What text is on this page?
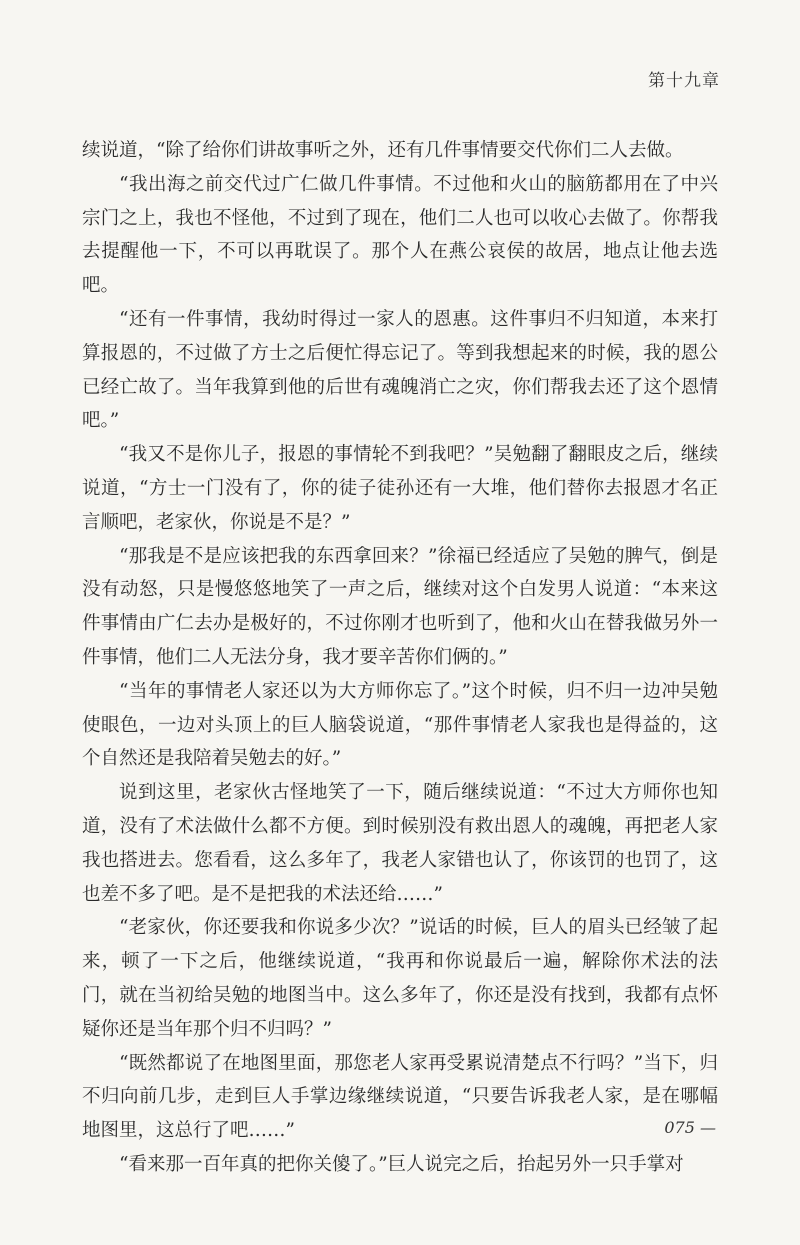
第十九章

续说道，“除了给你们讲故事听之外，还有几件事情要交代你们二人去做。

“我出海之前交代过广仁做几件事情。不过他和火山的脑筋都用在了中兴宗门之上，我也不怪他，不过到了现在，他们二人也可以收心去做了。你帮我去提醒他一下，不可以再耽误了。那个人在燕公哀侯的故居，地点让他去选吧。

“还有一件事情，我幼时得过一家人的恩惠。这件事归不归知道，本来打算报恩的，不过做了方士之后便忙得忘记了。等到我想起来的时候，我的恩公已经亡故了。当年我算到他的后世有魂魄消亡之灾，你们帮我去还了这个恩情吧。”

“我又不是你儿子，报恩的事情轮不到我吧？”吴勉翻了翻眼皮之后，继续说道，“方士一门没有了，你的徒子徒孙还有一大堆，他们替你去报恩才名正言顺吧，老家伙，你说是不是？”

“那我是不是应该把我的东西拿回来？”徐福已经适应了吴勉的脾气，倒是没有动怒，只是慢悠悠地笑了一声之后，继续对这个白发男人说道：“本来这件事情由广仁去办是极好的，不过你刚才也听到了，他和火山在替我做另外一件事情，他们二人无法分身，我才要辛苦你们俩的。”

“当年的事情老人家还以为大方师你忘了。”这个时候，归不归一边冲吴勉使眼色，一边对头顶上的巨人脑袋说道，“那件事情老人家我也是得益的，这个自然还是我陪着吴勉去的好。”

说到这里，老家伙古怪地笑了一下，随后继续说道：“不过大方师你也知道，没有了术法做什么都不方便。到时候别没有救出恩人的魂魄，再把老人家我也搭进去。您看看，这么多年了，我老人家错也认了，你该罚的也罚了，这也差不多了吧。是不是把我的术法还给……”

“老家伙，你还要我和你说多少次？”说话的时候，巨人的眉头已经皱了起来，顿了一下之后，他继续说道，“我再和你说最后一遍，解除你术法的法门，就在当初给吴勉的地图当中。这么多年了，你还是没有找到，我都有点怀疑你还是当年那个归不归吗？”

“既然都说了在地图里面，那您老人家再受累说清楚点不行吗？”当下，归不归向前几步，走到巨人手掌边缘继续说道，“只要告诉我老人家，是在哪幅地图里，这总行了吧……”

“看来那一百年真的把你关傻了。”巨人说完之后，抬起另外一只手掌对

075 —
